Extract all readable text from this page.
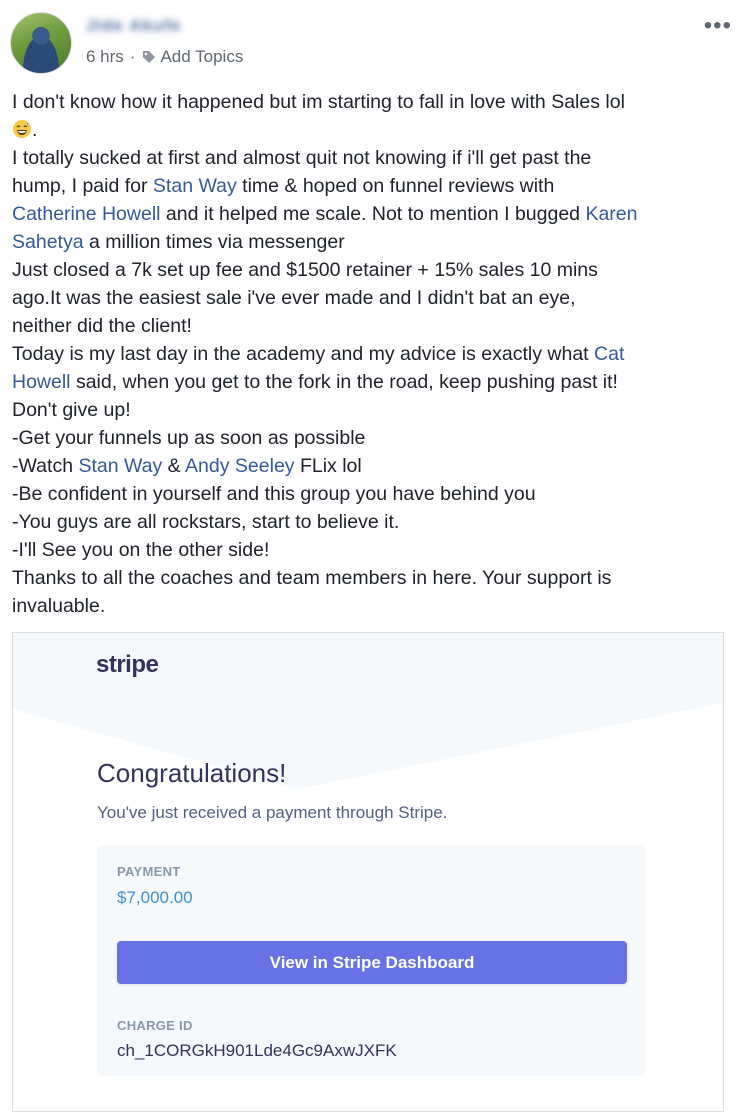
Jide Akufe
6 hrs · Add Topics
•••
I don't know how it happened but im starting to fall in love with Sales lol
.
I totally sucked at first and almost quit not knowing if i'll get past the
hump, I paid for Stan Way time & hoped on funnel reviews with
Catherine Howell and it helped me scale. Not to mention I bugged Karen
Sahetya a million times via messenger
Just closed a 7k set up fee and $1500 retainer + 15% sales 10 mins
ago.It was the easiest sale i've ever made and I didn't bat an eye,
neither did the client!
Today is my last day in the academy and my advice is exactly what Cat
Howell said, when you get to the fork in the road, keep pushing past it!
Don't give up!
-Get your funnels up as soon as possible
-Watch Stan Way & Andy Seeley FLix lol
-Be confident in yourself and this group you have behind you
-You guys are all rockstars, start to believe it.
-I'll See you on the other side!
Thanks to all the coaches and team members in here. Your support is
invaluable.
stripe
Congratulations!
You've just received a payment through Stripe.
PAYMENT
$7,000.00
View in Stripe Dashboard
CHARGE ID
ch_1CORGkH901Lde4Gc9AxwJXFK
